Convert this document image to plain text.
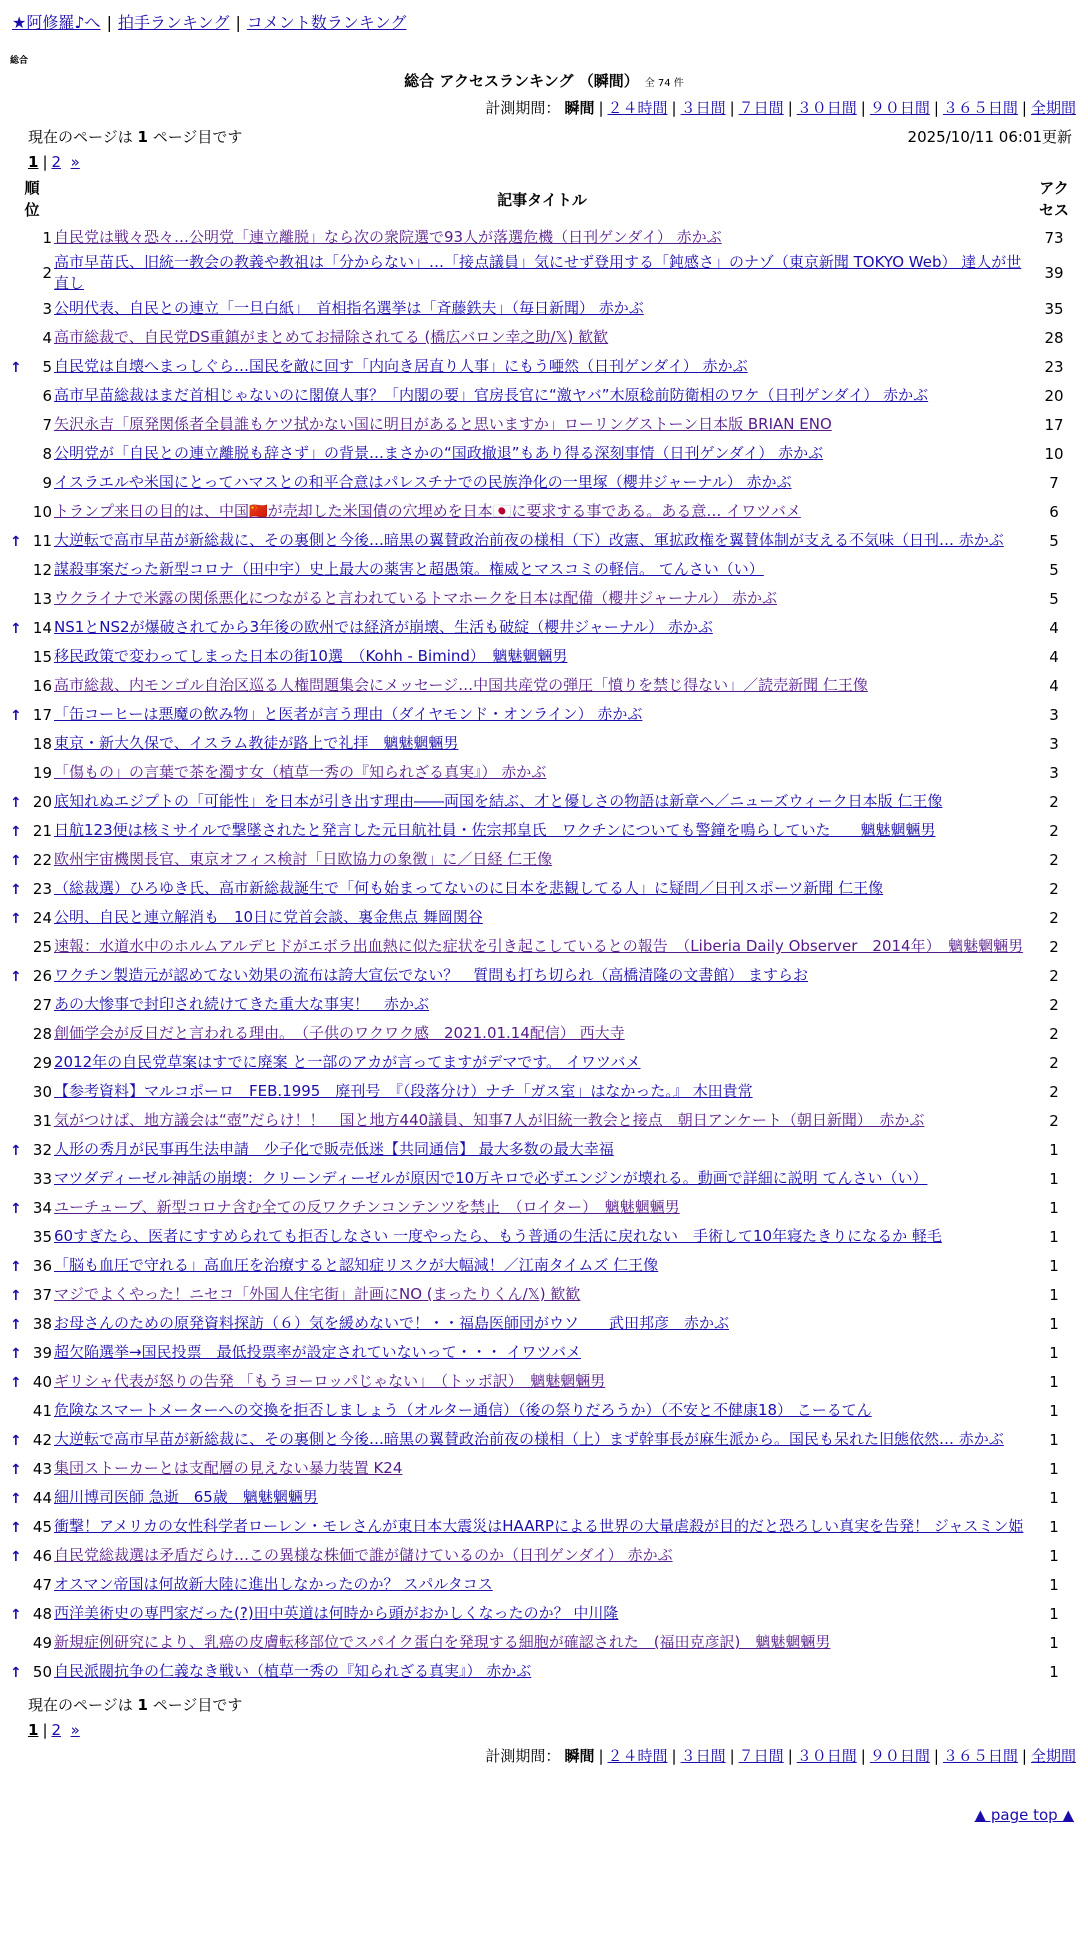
★阿修羅♪へ | 拍手ランキング | コメント数ランキング
総合
総合 アクセスランキング （瞬間） 全 74 件
計測期間： 瞬間 | ２４時間 | ３日間 | ７日間 | ３０日間 | ９０日間 | ３６５日間 | 全期間
現在のページは 1 ページ目です	2025/10/11 06:01更新
1 | 2 »
順位	記事タイトル	アクセス
1	自民党は戦々恐々…公明党「連立離脱」なら次の衆院選で93人が落選危機（日刊ゲンダイ） 赤かぶ	73
2	高市早苗氏、旧統一教会の教義や教祖は「分からない」…「接点議員」気にせず登用する「鈍感さ」のナゾ（東京新聞 TOKYO Web） 達人が世直し	39
3	公明代表、自民との連立「一旦白紙」　首相指名選挙は「斉藤鉄夫」（毎日新聞） 赤かぶ	35
4	高市総裁で、自民党DS重鎮がまとめてお掃除されてる (橋広バロン幸之助/𝕏) 歓歓	28
↑ 5	自民党は自壊へまっしぐら…国民を敵に回す「内向き居直り人事」にもう唖然（日刊ゲンダイ） 赤かぶ	23
6	高市早苗総裁はまだ首相じゃないのに閣僚人事？「内閣の要」官房長官に“激ヤバ”木原稔前防衛相のワケ（日刊ゲンダイ） 赤かぶ	20
7	矢沢永吉「原発関係者全員誰もケツ拭かない国に明日があると思いますか」ローリングストーン日本版 BRIAN ENO	17
8	公明党が「自民との連立離脱も辞さず」の背景…まさかの“国政撤退”もあり得る深刻事情（日刊ゲンダイ） 赤かぶ	10
9	イスラエルや米国にとってハマスとの和平合意はパレスチナでの民族浄化の一里塚（櫻井ジャーナル） 赤かぶ	7
10	トランプ来日の目的は、中国🇨🇳が売却した米国債の穴埋めを日本🇯🇵に要求する事である。ある意… イワツバメ	6
↑ 11	大逆転で高市早苗が新総裁に、その裏側と今後…暗黒の翼賛政治前夜の様相（下）改憲、軍拡政権を翼賛体制が支える不気味（日刊… 赤かぶ	5
12	謀殺事案だった新型コロナ（田中宇）史上最大の薬害と超愚策。権威とマスコミの軽信。 てんさい（い）	5
13	ウクライナで米露の関係悪化につながると言われているトマホークを日本は配備（櫻井ジャーナル） 赤かぶ	5
↑ 14	NS1とNS2が爆破されてから3年後の欧州では経済が崩壊、生活も破綻（櫻井ジャーナル） 赤かぶ	4
15	移民政策で変わってしまった日本の街10選　（Kohh - Bimind）　魑魅魍魎男	4
16	高市総裁、内モンゴル自治区巡る人権問題集会にメッセージ…中国共産党の弾圧「憤りを禁じ得ない」／読売新聞 仁王像	4
↑ 17	「缶コーヒーは悪魔の飲み物」と医者が言う理由（ダイヤモンド・オンライン） 赤かぶ	3
18	東京・新大久保で、イスラム教徒が路上で礼拝　魑魅魍魎男	3
19	「傷もの」の言葉で茶を濁す女（植草一秀の『知られざる真実』） 赤かぶ	3
↑ 20	底知れぬエジプトの「可能性」を日本が引き出す理由――両国を結ぶ、才と優しさの物語は新章へ／ニューズウィーク日本版 仁王像	2
↑ 21	日航123便は核ミサイルで撃墜されたと発言した元日航社員・佐宗邦皇氏　ワクチンについても警鐘を鳴らしていた　　魑魅魍魎男	2
↑ 22	欧州宇宙機関長官、東京オフィス検討「日欧協力の象徴」に／日経 仁王像	2
↑ 23	（総裁選）ひろゆき氏、高市新総裁誕生で「何も始まってないのに日本を悲観してる人」に疑問／日刊スポーツ新聞 仁王像	2
↑ 24	公明、自民と連立解消も　10日に党首会談、裏金焦点 舞岡関谷	2
25	速報：水道水中のホルムアルデヒドがエボラ出血熱に似た症状を引き起こしているとの報告　（Liberia Daily Observer　2014年）　魑魅魍魎男	2
↑ 26	ワクチン製造元が認めてない効果の流布は誇大宣伝でない？　質問も打ち切られ（高橋清隆の文書館） ますらお	2
27	あの大惨事で封印され続けてきた重大な事実！　赤かぶ	2
28	創価学会が反日だと言われる理由。　（子供のワクワク感　2021.01.14配信） 西大寺	2
29	2012年の自民党草案はすでに廃案 と一部のアカが言ってますがデマです。 イワツバメ	2
30	【参考資料】マルコポーロ　FEB.1995　廃刊号　『（段落分け）ナチ「ガス室」はなかった。』 木田貴常	2
31	気がつけば、地方議会は“壺”だらけ！！　国と地方440議員、知事7人が旧統一教会と接点　朝日アンケート（朝日新聞）　赤かぶ	2
↑ 32	人形の秀月が民事再生法申請　少子化で販売低迷【共同通信】 最大多数の最大幸福	1
33	マツダディーゼル神話の崩壊：クリーンディーゼルが原因で10万キロで必ずエンジンが壊れる。動画で詳細に説明 てんさい（い）	1
↑ 34	ユーチューブ、新型コロナ含む全ての反ワクチンコンテンツを禁止　（ロイター）　魑魅魍魎男	1
35	60すぎたら、医者にすすめられても拒否しなさい 一度やったら、もう普通の生活に戻れない　手術して10年寝たきりになるか 軽毛	1
↑ 36	「脳も血圧で守れる」高血圧を治療すると認知症リスクが大幅減！／江南タイムズ 仁王像	1
↑ 37	マジでよくやった！ニセコ「外国人住宅街」計画にNO (まったりくん/𝕏) 歓歓	1
↑ 38	お母さんのための原発資料探訪（６）気を緩めないで！・・福島医師団がウソ　　武田邦彦　赤かぶ	1
↑ 39	超欠陥選挙→国民投票　最低投票率が設定されていないって・・・ イワツバメ	1
↑ 40	ギリシャ代表が怒りの告発 「もうヨーロッパじゃない」　（トッポ訳）　魑魅魍魎男	1
41	危険なスマートメーターへの交換を拒否しましょう（オルター通信）（後の祭りだろうか）（不安と不健康18） こーるてん	1
↑ 42	大逆転で高市早苗が新総裁に、その裏側と今後…暗黒の翼賛政治前夜の様相（上）まず幹事長が麻生派から。国民も呆れた旧態依然… 赤かぶ	1
↑ 43	集団ストーカーとは支配層の見えない暴力装置 K24	1
↑ 44	細川博司医師 急逝　65歳　魑魅魍魎男	1
↑ 45	衝撃！アメリカの女性科学者ローレン・モレさんが東日本大震災はHAARPによる世界の大量虐殺が目的だと恐ろしい真実を告発！ ジャスミン姫	1
↑ 46	自民党総裁選は矛盾だらけ…この異様な株価で誰が儲けているのか（日刊ゲンダイ） 赤かぶ	1
47	オスマン帝国は何故新大陸に進出しなかったのか？ スパルタコス	1
↑ 48	西洋美術史の専門家だった(?)田中英道は何時から頭がおかしくなったのか？ 中川隆	1
49	新規症例研究により、乳癌の皮膚転移部位でスパイク蛋白を発現する細胞が確認された　(福田克彦訳)　魑魅魍魎男	1
↑ 50	自民派閥抗争の仁義なき戦い（植草一秀の『知られざる真実』） 赤かぶ	1
現在のページは 1 ページ目です
1 | 2 »
計測期間： 瞬間 | ２４時間 | ３日間 | ７日間 | ３０日間 | ９０日間 | ３６５日間 | 全期間
▲ page top ▲
